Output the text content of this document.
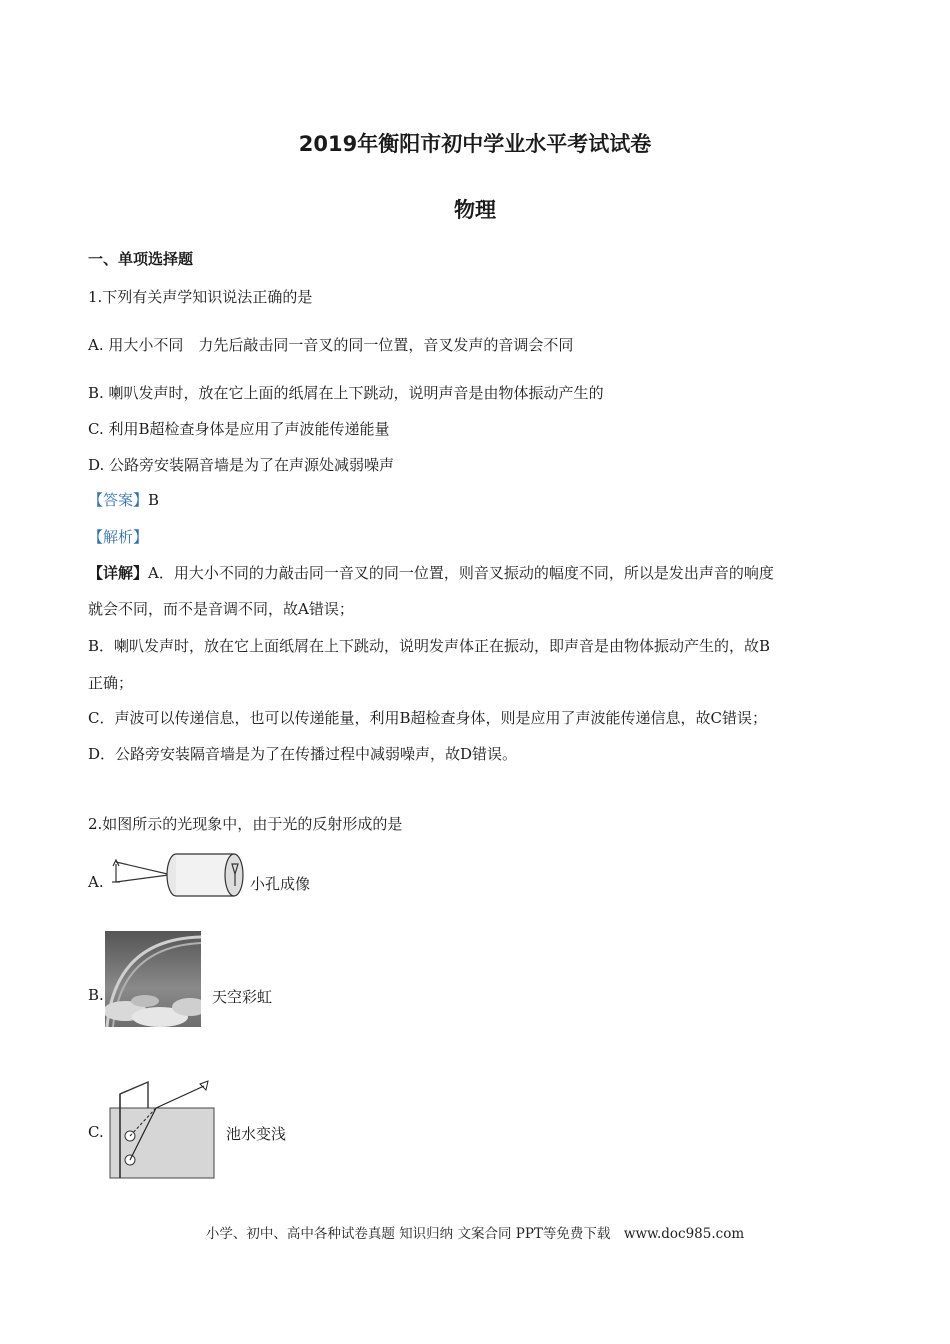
2019年衡阳市初中学业水平考试试卷
物理
一、单项选择题
1.下列有关声学知识说法正确的是
A. 用大小不同　力先后敲击同一音叉的同一位置，音叉发声的音调会不同
B. 喇叭发声时，放在它上面的纸屑在上下跳动，说明声音是由物体振动产生的
C. 利用B超检查身体是应用了声波能传递能量
D. 公路旁安装隔音墙是为了在声源处减弱噪声
【答案】B
【解析】
【详解】A．用大小不同的力敲击同一音叉的同一位置，则音叉振动的幅度不同，所以是发出声音的响度
就会不同，而不是音调不同，故A错误；
B．喇叭发声时，放在它上面纸屑在上下跳动，说明发声体正在振动，即声音是由物体振动产生的，故B
正确；
C．声波可以传递信息，也可以传递能量，利用B超检查身体，则是应用了声波能传递信息，故C错误；
D．公路旁安装隔音墙是为了在传播过程中减弱噪声，故D错误。
2.如图所示的光现象中，由于光的反射形成的是
A.	小孔成像
B.	天空彩虹
C.	池水变浅
小学、初中、高中各种试卷真题 知识归纳 文案合同 PPT等免费下载　www.doc985.com
